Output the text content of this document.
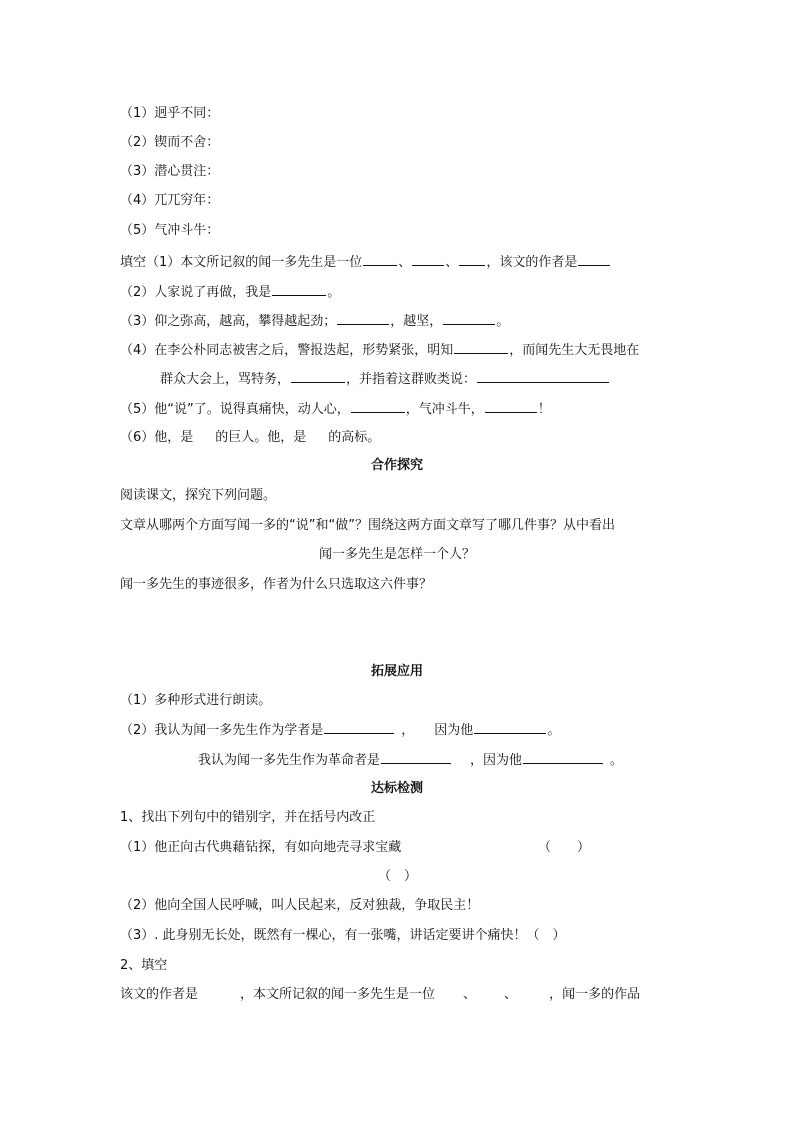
（1）迥乎不同：
（2）锲而不舍：
（3）潜心贯注：
（4）兀兀穷年：
（5）气冲斗牛：
填空（1）本文所记叙的闻一多先生是一位	、	、 ，该文的作者是
（2）人家说了再做，我是	。
（3）仰之弥高，越高，攀得越起劲；	，越坚，	。
（4）在李公朴同志被害之后，警报迭起，形势紧张，明知	，而闻先生大无畏地在
群众大会上，骂特务，	，并指着这群败类说：
（5）他“说”了。说得真痛快，动人心，	，气冲斗牛，	！
（6）他，是 的巨人。他，是 的高标。
合作探究
阅读课文，探究下列问题。
文章从哪两个方面写闻一多的“说”和“做”？围绕这两方面文章写了哪几件事？从中看出
闻一多先生是怎样一个人？
闻一多先生的事迹很多，作者为什么只选取这六件事？
拓展应用
（1）多种形式进行朗读。
（2）我认为闻一多先生作为学者是	， 因为他	。
我认为闻一多先生作为革命者是	，因为他	。
达标检测
1、找出下列句中的错别字，并在括号内改正
（1）他正向古代典藉钻探，有如向地壳寻求宝藏	（　　）
（　）
（2）他向全国人民呼喊，叫人民起来，反对独裁，争取民主！
（3）. 此身别无长处，既然有一棵心，有一张嘴，讲话定要讲个痛快！（　）
2、填空
该文的作者是	，本文所记叙的闻一多先生是一位 、 、 ，闻一多的作品
